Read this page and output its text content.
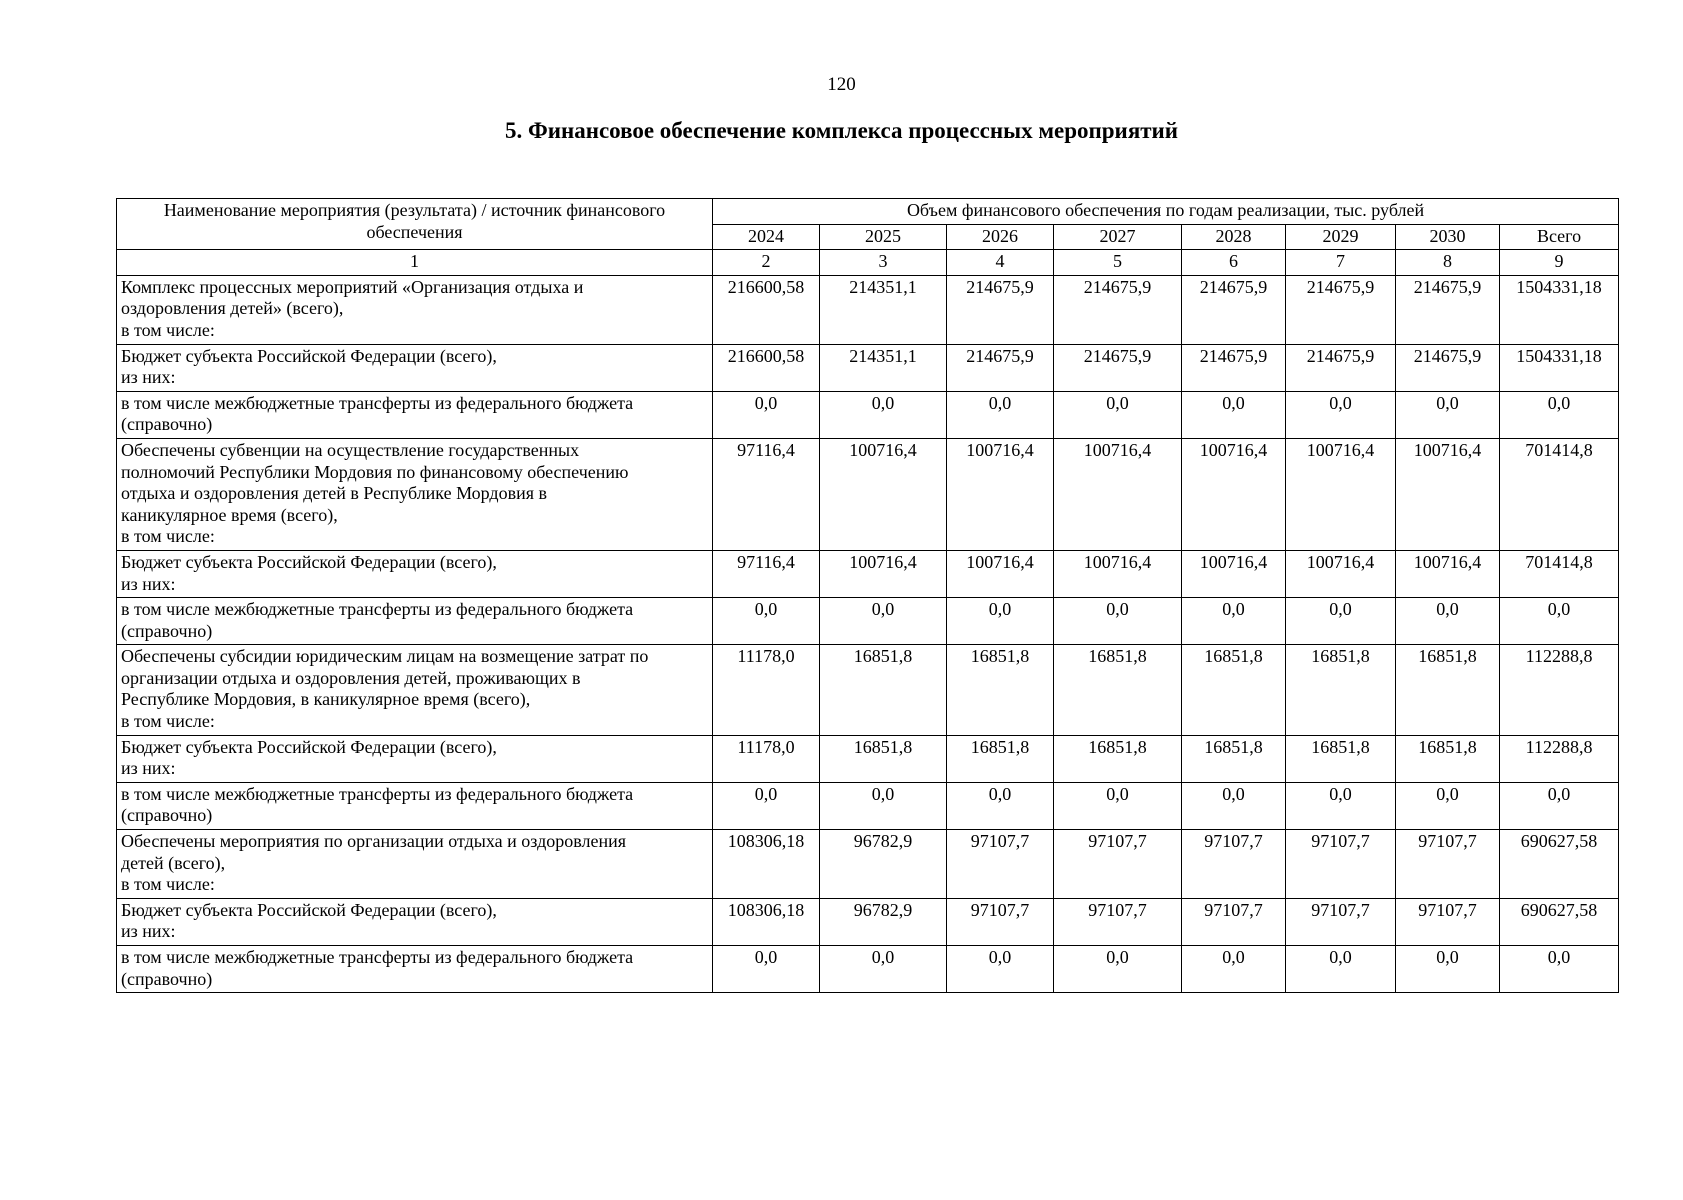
120
5. Финансовое обеспечение комплекса процессных мероприятий
Наименование мероприятия (результата) / источник финансового обеспечения	Объем финансового обеспечения по годам реализации, тыс. рублей							
	2024	2025	2026	2027	2028	2029	2030	Всего
1	2	3	4	5	6	7	8	9

Комплекс процессных мероприятий «Организация отдыха и
оздоровления детей» (всего),
в том числе:	216600,58	214351,1	214675,9	214675,9	214675,9	214675,9	214675,9	1504331,18

Бюджет субъекта Российской Федерации (всего),
из них:	216600,58	214351,1	214675,9	214675,9	214675,9	214675,9	214675,9	1504331,18

в том числе межбюджетные трансферты из федерального бюджета
(справочно)	0,0	0,0	0,0	0,0	0,0	0,0	0,0	0,0

Обеспечены субвенции на осуществление государственных
полномочий Республики Мордовия по финансовому обеспечению
отдыха и оздоровления детей в Республике Мордовия в
каникулярное время (всего),
в том числе:	97116,4	100716,4	100716,4	100716,4	100716,4	100716,4	100716,4	701414,8

Бюджет субъекта Российской Федерации (всего),
из них:	97116,4	100716,4	100716,4	100716,4	100716,4	100716,4	100716,4	701414,8

в том числе межбюджетные трансферты из федерального бюджета
(справочно)	0,0	0,0	0,0	0,0	0,0	0,0	0,0	0,0

Обеспечены субсидии юридическим лицам на возмещение затрат по
организации отдыха и оздоровления детей, проживающих в
Республике Мордовия, в каникулярное время (всего),
в том числе:	11178,0	16851,8	16851,8	16851,8	16851,8	16851,8	16851,8	112288,8

Бюджет субъекта Российской Федерации (всего),
из них:	11178,0	16851,8	16851,8	16851,8	16851,8	16851,8	16851,8	112288,8

в том числе межбюджетные трансферты из федерального бюджета
(справочно)	0,0	0,0	0,0	0,0	0,0	0,0	0,0	0,0

Обеспечены мероприятия по организации отдыха и оздоровления
детей (всего),
в том числе:	108306,18	96782,9	97107,7	97107,7	97107,7	97107,7	97107,7	690627,58

Бюджет субъекта Российской Федерации (всего),
из них:	108306,18	96782,9	97107,7	97107,7	97107,7	97107,7	97107,7	690627,58

в том числе межбюджетные трансферты из федерального бюджета
(справочно)	0,0	0,0	0,0	0,0	0,0	0,0	0,0	0,0
